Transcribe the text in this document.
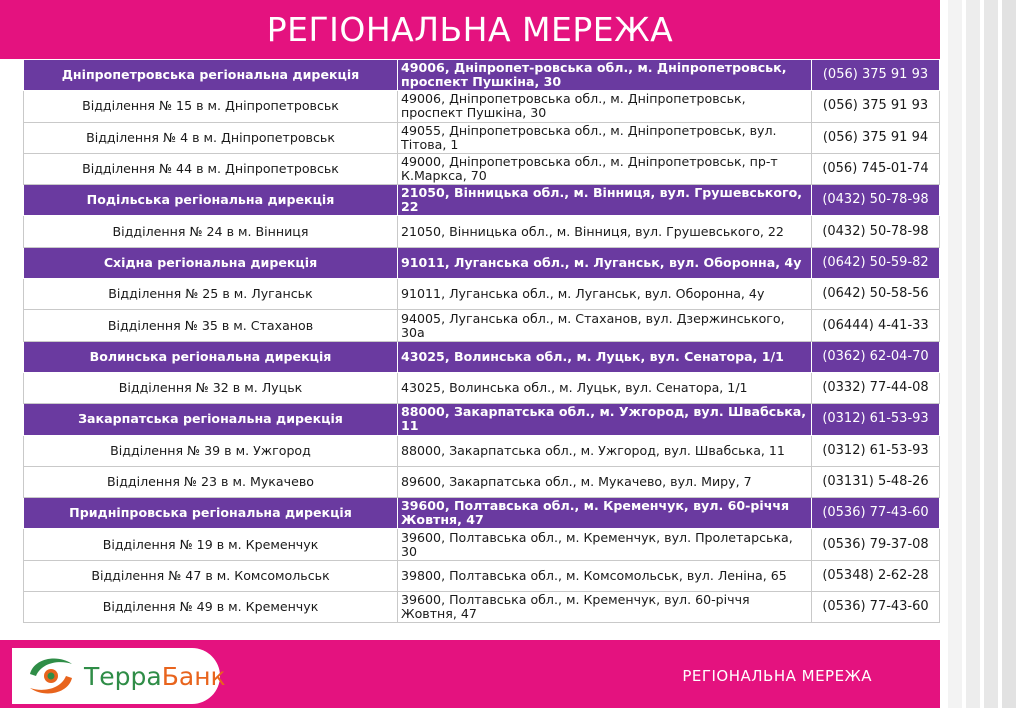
РЕГІОНАЛЬНА МЕРЕЖА
Дніпропетровська регіональна дирекція	49006, Дніпропет-ровська обл., м. Дніпропетровськ, проспект Пушкіна, 30	(056) 375 91 93
Відділення № 15 в м. Дніпропетровськ	49006, Дніпропетровська обл., м. Дніпропетровськ, проспект Пушкіна, 30	(056) 375 91 93
Відділення № 4 в м. Дніпропетровськ	49055, Дніпропетровська обл., м. Дніпропетровськ, вул. Тітова, 1	(056) 375 91 94
Відділення № 44 в м. Дніпропетровськ	49000, Дніпропетровська обл., м. Дніпропетровськ, пр-т К.Маркса, 70	(056) 745-01-74
Подільська регіональна дирекція	21050, Вінницька обл., м. Вінниця, вул. Грушевського, 22	(0432) 50-78-98
Відділення № 24 в м. Вінниця	21050, Вінницька обл., м. Вінниця, вул. Грушевського, 22	(0432) 50-78-98
Східна регіональна дирекція	91011, Луганська обл., м. Луганськ, вул. Оборонна, 4у	(0642) 50-59-82
Відділення № 25 в м. Луганськ	91011, Луганська обл., м. Луганськ, вул. Оборонна, 4у	(0642) 50-58-56
Відділення № 35 в м. Стаханов	94005, Луганська обл., м. Стаханов, вул. Дзержинського, 30а	(06444) 4-41-33
Волинська регіональна дирекція	43025, Волинська обл., м. Луцьк, вул. Сенатора, 1/1	(0362) 62-04-70
Відділення № 32 в м. Луцьк	43025, Волинська обл., м. Луцьк, вул. Сенатора, 1/1	(0332) 77-44-08
Закарпатська регіональна дирекція	88000, Закарпатська обл., м. Ужгород, вул. Швабська, 11	(0312) 61-53-93
Відділення № 39 в м. Ужгород	88000, Закарпатська обл., м. Ужгород, вул. Швабська, 11	(0312) 61-53-93
Відділення № 23 в м. Мукачево	89600, Закарпатська обл., м. Мукачево, вул. Миру, 7	(03131) 5-48-26
Придніпровська регіональна дирекція	39600, Полтавська обл., м. Кременчук, вул. 60-річчя Жовтня, 47	(0536) 77-43-60
Відділення № 19 в м. Кременчук	39600, Полтавська обл., м. Кременчук, вул. Пролетарська, 30	(0536) 79-37-08
Відділення № 47 в м. Комсомольськ	39800, Полтавська обл., м. Комсомольськ, вул. Леніна, 65	(05348) 2-62-28
Відділення № 49 в м. Кременчук	39600, Полтавська обл., м. Кременчук, вул. 60-річчя Жовтня, 47	(0536) 77-43-60
ТерраБанк	РЕГІОНАЛЬНА МЕРЕЖА
